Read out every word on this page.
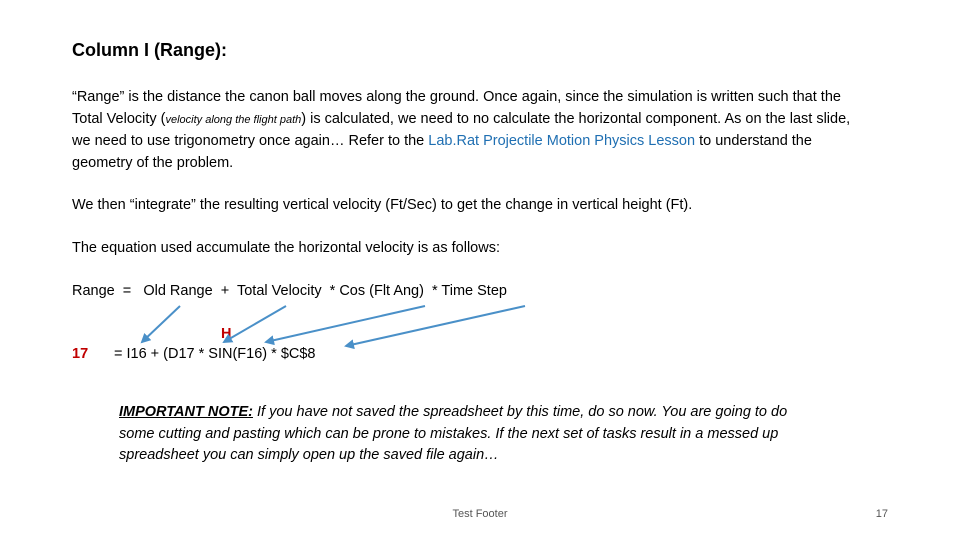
Column I (Range):
“Range” is the distance the canon ball moves along the ground. Once again, since the simulation is written such that the Total Velocity (velocity along the flight path) is calculated, we need to no calculate the horizontal component. As on the last slide, we need to use trigonometry once again… Refer to the Lab.Rat Projectile Motion Physics Lesson to understand the geometry of the problem.
We then “integrate” the resulting vertical velocity (Ft/Sec) to get the change in vertical height (Ft).
The equation used accumulate the horizontal velocity is as follows:
Range  =   Old Range  +  Total Velocity  * Cos (Flt Ang)  * Time Step
H
17 = I16 + (D17 * SIN(F16) * $C$8
IMPORTANT NOTE: If you have not saved the spreadsheet by this time, do so now. You are going to do some cutting and pasting which can be prone to mistakes. If the next set of tasks result in a messed up spreadsheet you can simply open up the saved file again…
Test Footer	17
